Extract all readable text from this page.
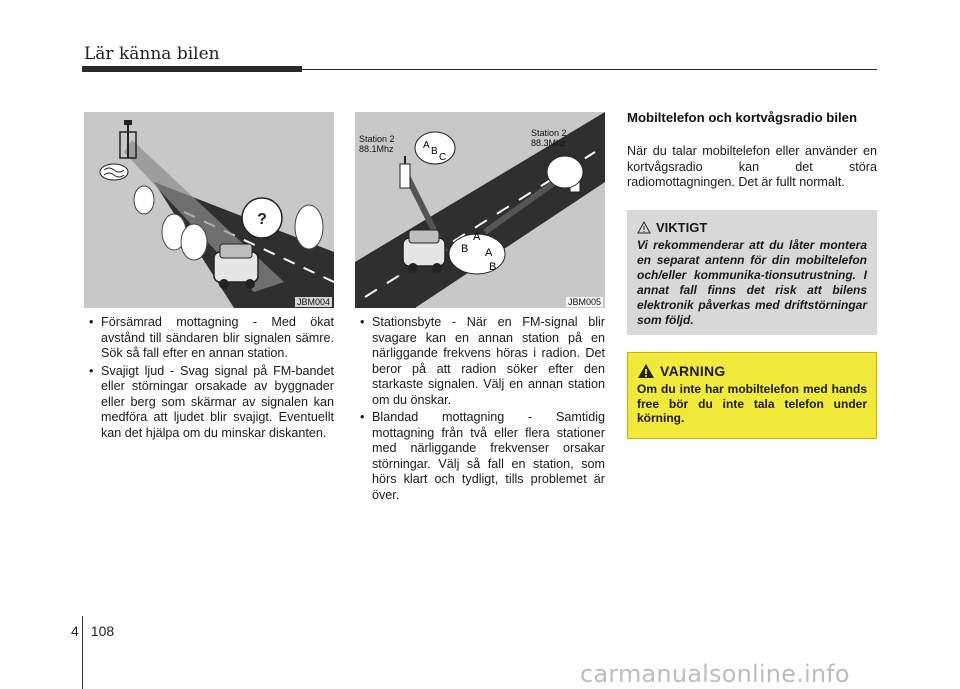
Lär känna bilen
?
JBM004
Station 2
88.1Mhz
Station 2
88.3Mhz
A
B
C
B
A
A
B
JBM005
• Försämrad mottagning - Med ökat avstånd till sändaren blir signalen sämre. Sök så fall efter en annan station.
• Svajigt ljud - Svag signal på FM-bandet eller störningar orsakade av byggnader eller berg som skärmar av signalen kan medföra att ljudet blir svajigt. Eventuellt kan det hjälpa om du minskar diskanten.
• Stationsbyte - När en FM-signal blir svagare kan en annan station på en närliggande frekvens höras i radion. Det beror på att radion söker efter den starkaste signalen. Välj en annan station om du önskar.
• Blandad mottagning - Samtidig mottagning från två eller flera stationer med närliggande frekvenser orsakar störningar. Välj så fall en station, som hörs klart och tydligt, tills problemet är över.
Mobiltelefon och kortvågsradio bilen

När du talar mobiltelefon eller använder en kortvågsradio kan det störa radiomottagningen. Det är fullt normalt.

VIKTIGT

Vi rekommenderar att du låter montera en separat antenn för din mobiltelefon och/eller kommunika-tionsutrustning. I annat fall finns det risk att bilens elektronik påverkas med driftstörningar som följd.

VARNING

Om du inte har mobiltelefon med hands free bör du inte tala telefon under körning.

4 108
carmanualsonline.info
